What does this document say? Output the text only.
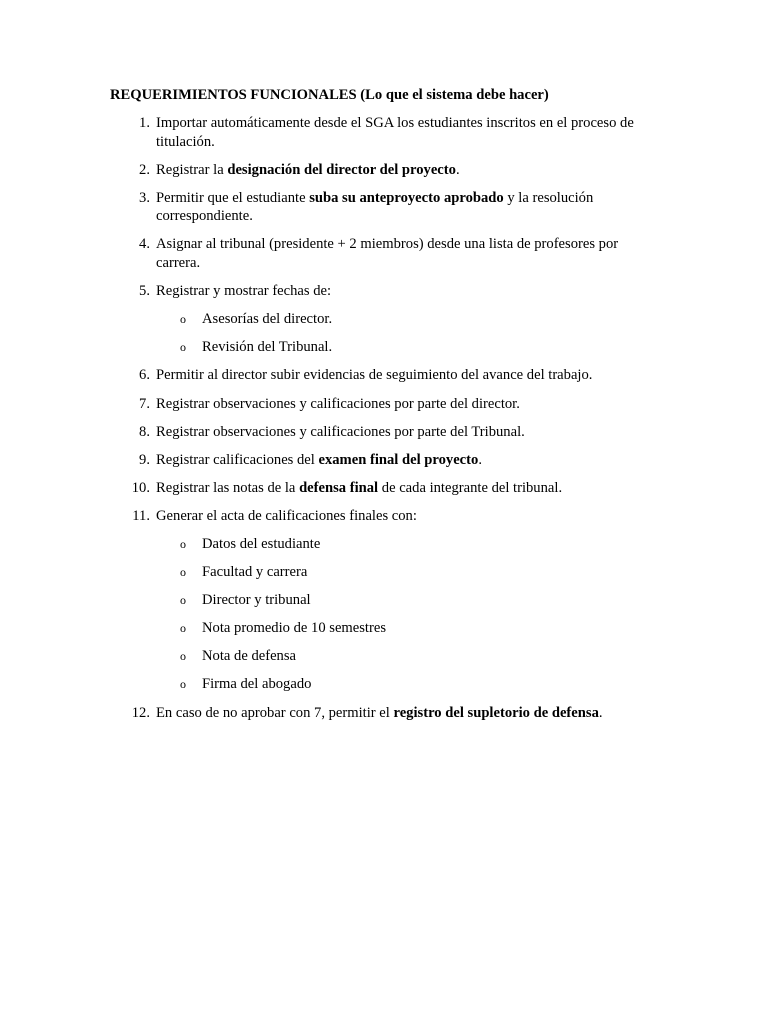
REQUERIMIENTOS FUNCIONALES (Lo que el sistema debe hacer)
1. Importar automáticamente desde el SGA los estudiantes inscritos en el proceso de titulación.
2. Registrar la designación del director del proyecto.
3. Permitir que el estudiante suba su anteproyecto aprobado y la resolución correspondiente.
4. Asignar al tribunal (presidente + 2 miembros) desde una lista de profesores por carrera.
5. Registrar y mostrar fechas de:
o Asesorías del director.
o Revisión del Tribunal.
6. Permitir al director subir evidencias de seguimiento del avance del trabajo.
7. Registrar observaciones y calificaciones por parte del director.
8. Registrar observaciones y calificaciones por parte del Tribunal.
9. Registrar calificaciones del examen final del proyecto.
10. Registrar las notas de la defensa final de cada integrante del tribunal.
11. Generar el acta de calificaciones finales con:
o Datos del estudiante
o Facultad y carrera
o Director y tribunal
o Nota promedio de 10 semestres
o Nota de defensa
o Firma del abogado
12. En caso de no aprobar con 7, permitir el registro del supletorio de defensa.
